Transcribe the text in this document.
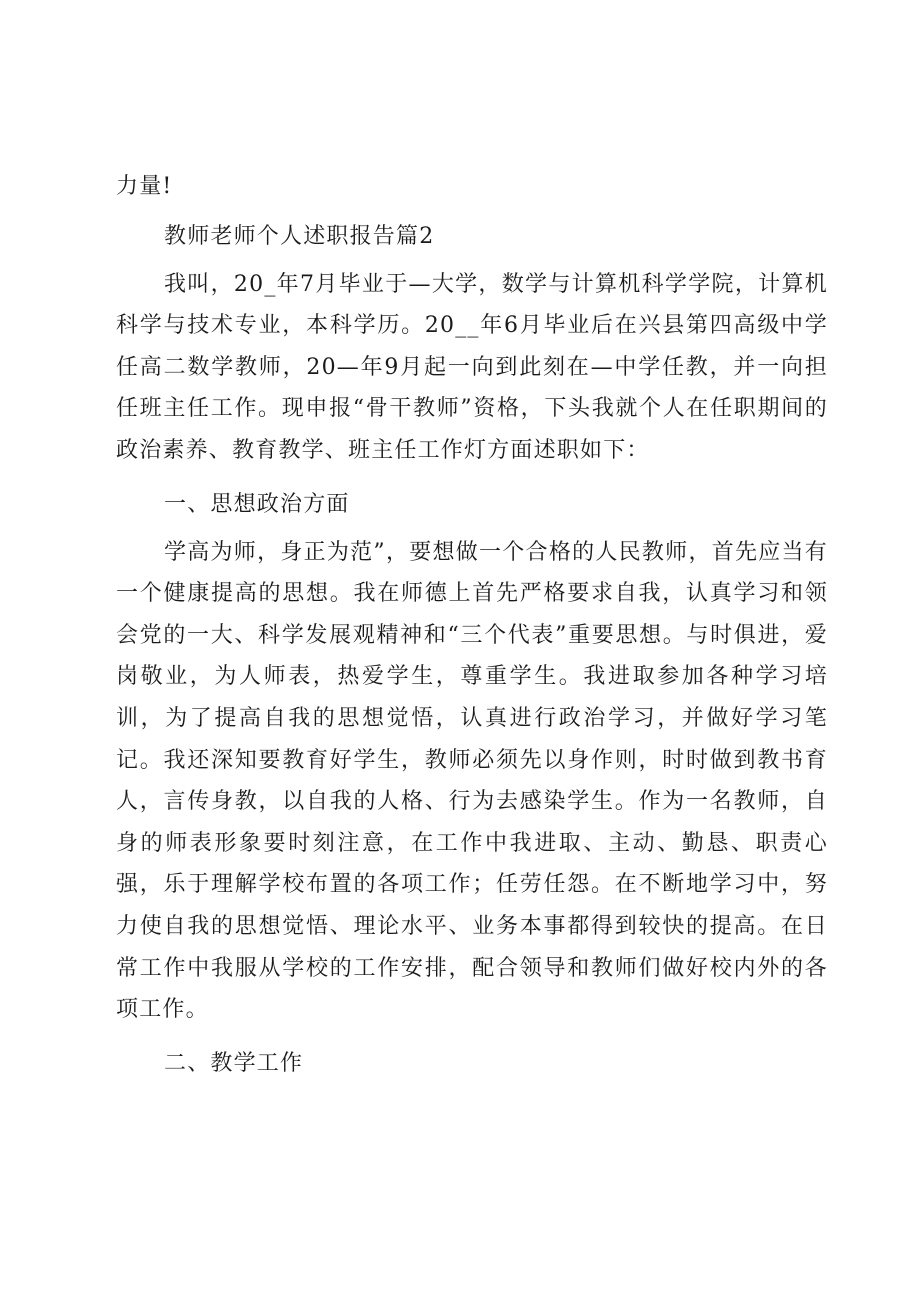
力量!

教师老师个人述职报告篇2

我叫，20_年7月毕业于—大学，数学与计算机科学学院，计算机科学与技术专业，本科学历。20__年6月毕业后在兴县第四高级中学任高二数学教师，20—年9月起一向到此刻在—中学任教，并一向担任班主任工作。现申报“骨干教师”资格，下头我就个人在任职期间的政治素养、教育教学、班主任工作灯方面述职如下：

一、思想政治方面

学高为师，身正为范”，要想做一个合格的人民教师，首先应当有一个健康提高的思想。我在师德上首先严格要求自我，认真学习和领会党的一大、科学发展观精神和“三个代表”重要思想。与时俱进，爱岗敬业，为人师表，热爱学生，尊重学生。我进取参加各种学习培训，为了提高自我的思想觉悟，认真进行政治学习，并做好学习笔记。我还深知要教育好学生，教师必须先以身作则，时时做到教书育人，言传身教，以自我的人格、行为去感染学生。作为一名教师，自身的师表形象要时刻注意，在工作中我进取、主动、勤恳、职责心强，乐于理解学校布置的各项工作；任劳任怨。在不断地学习中，努力使自我的思想觉悟、理论水平、业务本事都得到较快的提高。在日常工作中我服从学校的工作安排，配合领导和教师们做好校内外的各项工作。

二、教学工作
